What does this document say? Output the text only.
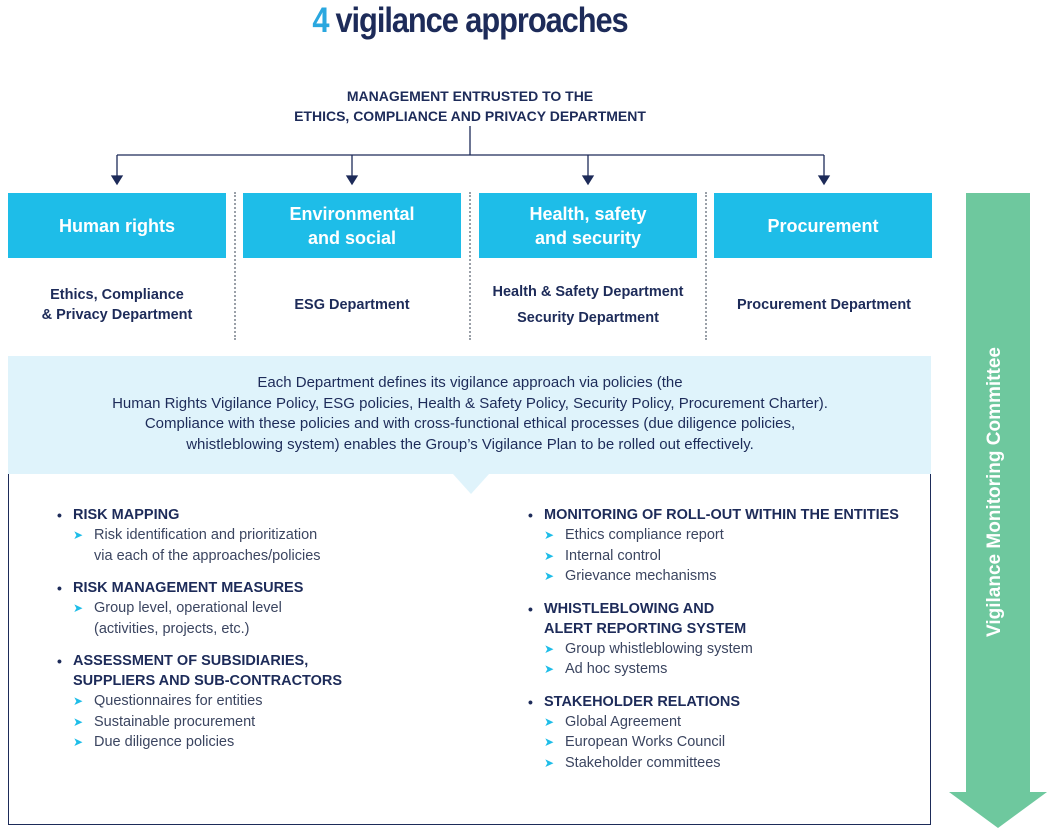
4 vigilance approaches
MANAGEMENT ENTRUSTED TO THE
ETHICS, COMPLIANCE AND PRIVACY DEPARTMENT
Human rights
Environmental
and social
Health, safety
and security
Procurement
Ethics, Compliance
& Privacy Department
ESG Department
Health & Safety Department
Security Department
Procurement Department
Each Department defines its vigilance approach via policies (the
Human Rights Vigilance Policy, ESG policies, Health & Safety Policy, Security Policy, Procurement Charter).
Compliance with these policies and with cross-functional ethical processes (due diligence policies,
whistleblowing system) enables the Group’s Vigilance Plan to be rolled out effectively.
• RISK MAPPING
➤ Risk identification and prioritization
via each of the approaches/policies
• RISK MANAGEMENT MEASURES
➤ Group level, operational level
(activities, projects, etc.)
• ASSESSMENT OF SUBSIDIARIES,
SUPPLIERS AND SUB-CONTRACTORS
➤ Questionnaires for entities
➤ Sustainable procurement
➤ Due diligence policies
• MONITORING OF ROLL-OUT WITHIN THE ENTITIES
➤ Ethics compliance report
➤ Internal control
➤ Grievance mechanisms
• WHISTLEBLOWING AND
ALERT REPORTING SYSTEM
➤ Group whistleblowing system
➤ Ad hoc systems
• STAKEHOLDER RELATIONS
➤ Global Agreement
➤ European Works Council
➤ Stakeholder committees
Vigilance Monitoring Committee
